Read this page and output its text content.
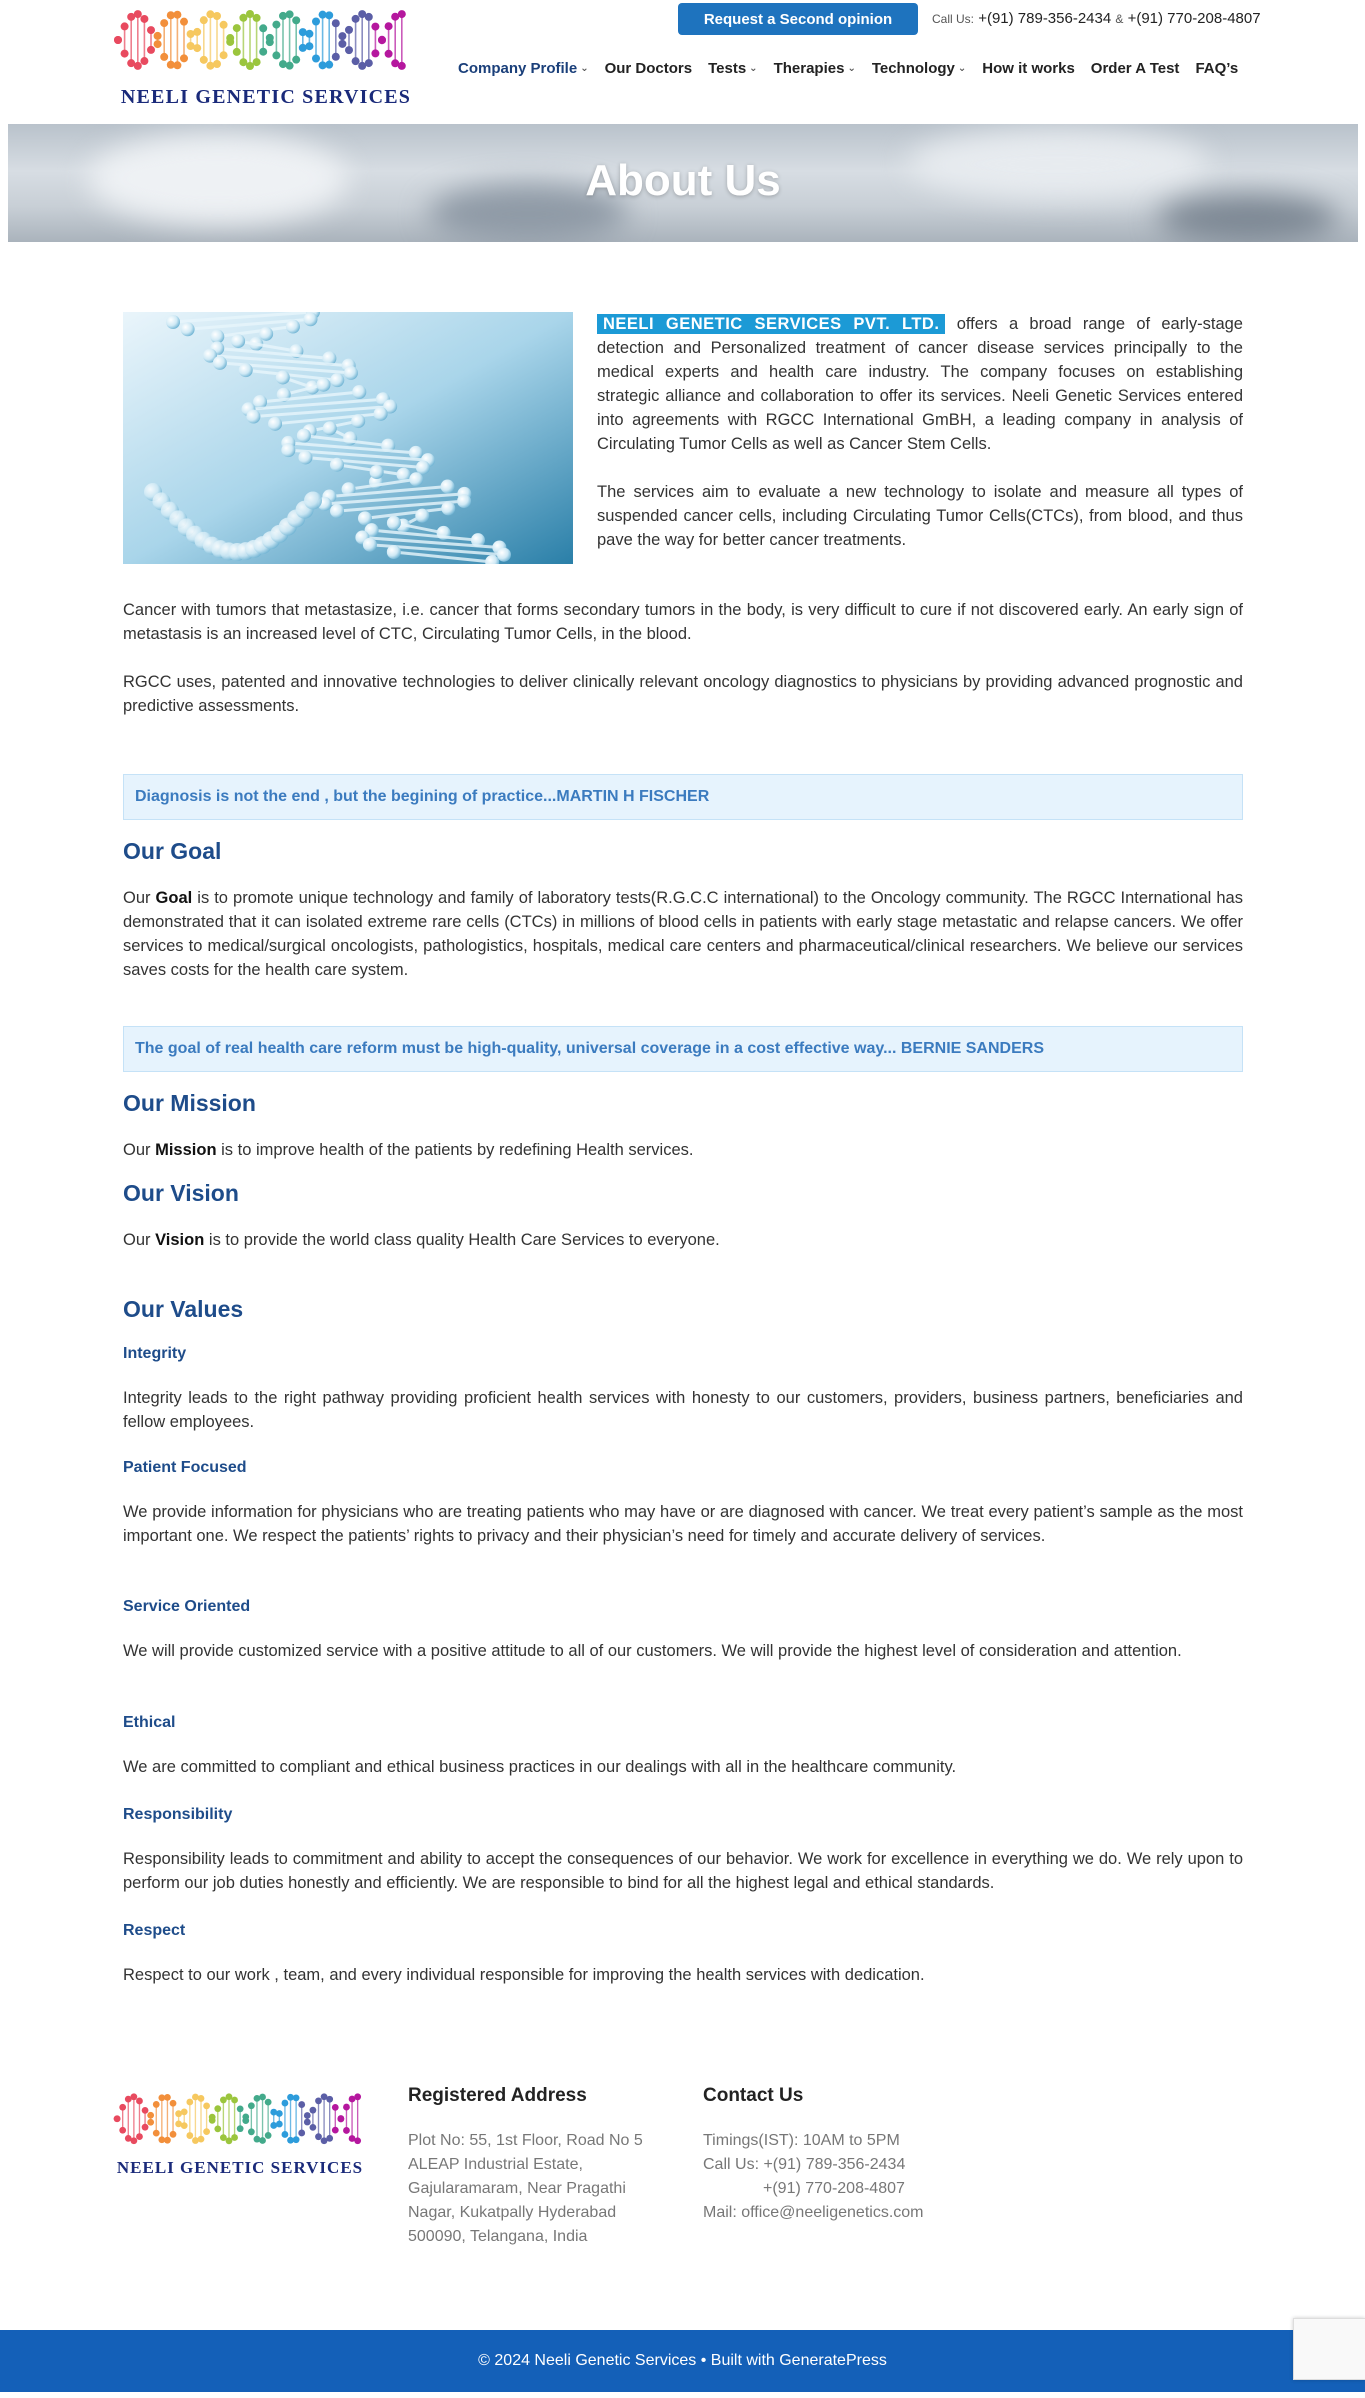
NEELI GENETIC SERVICES
Request a Second opinion	Call Us: +(91) 789-356-2434 & +(91) 770-208-4807
Company Profile ⌄ Our Doctors Tests ⌄ Therapies ⌄ Technology ⌄ How it works Order A Test FAQ’s
About Us

NEELI GENETIC SERVICES PVT. LTD. offers a broad range of early-stage detection and Personalized treatment of cancer disease services principally to the medical experts and health care industry. The company focuses on establishing strategic alliance and collaboration to offer its services. Neeli Genetic Services entered into agreements with RGCC International GmBH, a leading company in analysis of Circulating Tumor Cells as well as Cancer Stem Cells.

The services aim to evaluate a new technology to isolate and measure all types of suspended cancer cells, including Circulating Tumor Cells(CTCs), from blood, and thus pave the way for better cancer treatments.

Cancer with tumors that metastasize, i.e. cancer that forms secondary tumors in the body, is very difficult to cure if not discovered early. An early sign of metastasis is an increased level of CTC, Circulating Tumor Cells, in the blood.

RGCC uses, patented and innovative technologies to deliver clinically relevant oncology diagnostics to physicians by providing advanced prognostic and predictive assessments.

Diagnosis is not the end , but the begining of practice...MARTIN H FISCHER
Our Goal

Our Goal is to promote unique technology and family of laboratory tests(R.G.C.C international) to the Oncology community. The RGCC International has demonstrated that it can isolated extreme rare cells (CTCs) in millions of blood cells in patients with early stage metastatic and relapse cancers. We offer services to medical/surgical oncologists, pathologistics, hospitals, medical care centers and pharmaceutical/clinical researchers. We believe our services saves costs for the health care system.

The goal of real health care reform must be high-quality, universal coverage in a cost effective way... BERNIE SANDERS
Our Mission

Our Mission is to improve health of the patients by redefining Health services.

Our Vision

Our Vision is to provide the world class quality Health Care Services to everyone.

Our Values
Integrity

Integrity leads to the right pathway providing proficient health services with honesty to our customers, providers, business partners, beneficiaries and fellow employees.

Patient Focused

We provide information for physicians who are treating patients who may have or are diagnosed with cancer. We treat every patient’s sample as the most important one. We respect the patients’ rights to privacy and their physician’s need for timely and accurate delivery of services.

Service Oriented

We will provide customized service with a positive attitude to all of our customers. We will provide the highest level of consideration and attention.

Ethical

We are committed to compliant and ethical business practices in our dealings with all in the healthcare community.

Responsibility

Responsibility leads to commitment and ability to accept the consequences of our behavior. We work for excellence in everything we do. We rely upon to perform our job duties honestly and efficiently. We are responsible to bind for all the highest legal and ethical standards.

Respect

Respect to our work , team, and every individual responsible for improving the health services with dedication.

NEELI GENETIC SERVICES
Registered Address
Plot No: 55, 1st Floor, Road No 5
ALEAP Industrial Estate,
Gajularamaram, Near Pragathi
Nagar, Kukatpally Hyderabad
500090, Telangana, India
Contact Us
Timings(IST): 10AM to 5PM
Call Us: +(91) 789-356-2434
+(91) 770-208-4807
Mail: office@neeligenetics.com
© 2024 Neeli Genetic Services • Built with GeneratePress
